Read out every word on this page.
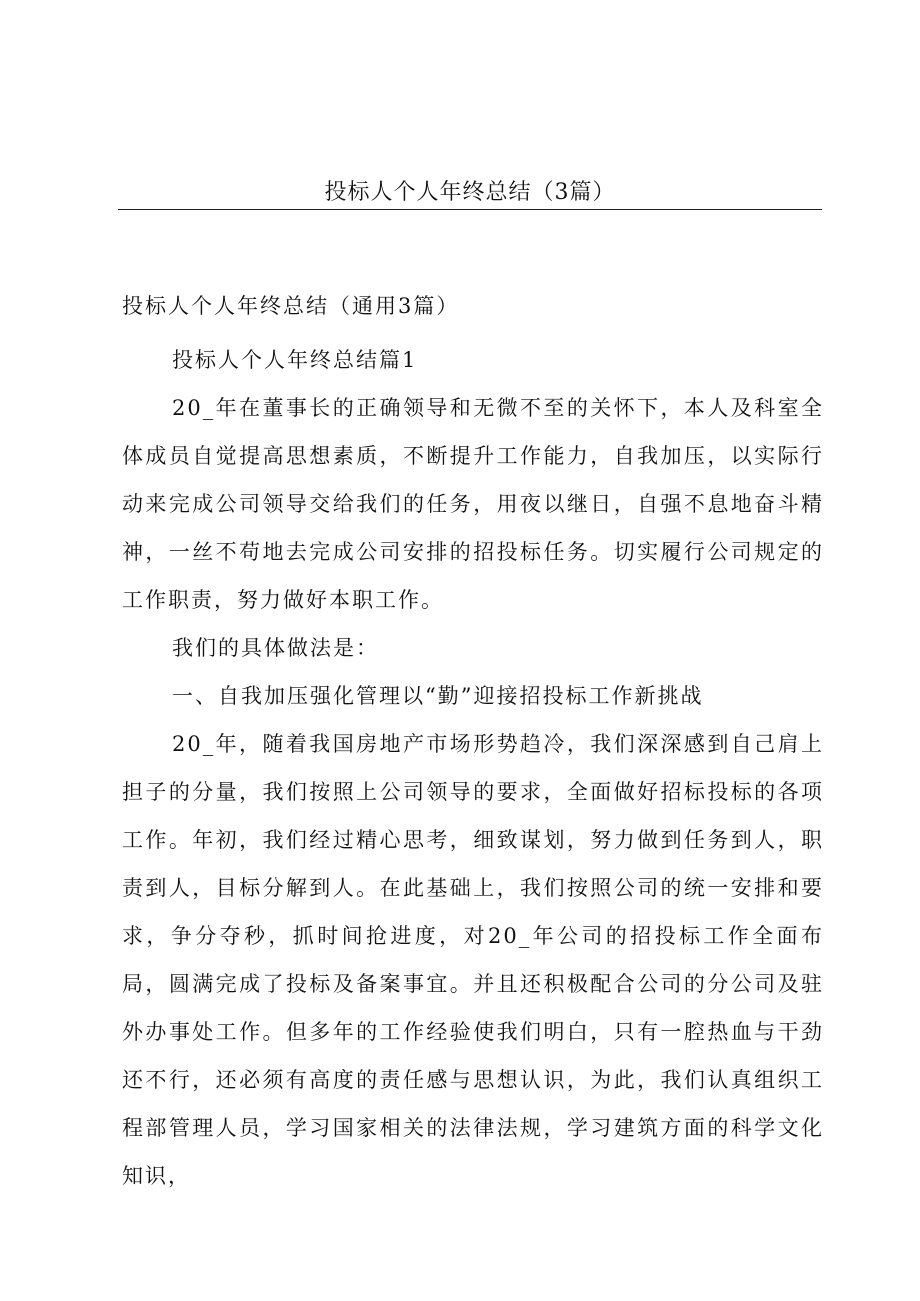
投标人个人年终总结（3篇）

投标人个人年终总结（通用3篇）

投标人个人年终总结篇1

20_年在董事长的正确领导和无微不至的关怀下，本人及科室全体成员自觉提高思想素质，不断提升工作能力，自我加压，以实际行动来完成公司领导交给我们的任务，用夜以继日，自强不息地奋斗精神，一丝不苟地去完成公司安排的招投标任务。切实履行公司规定的工作职责，努力做好本职工作。

我们的具体做法是：

一、自我加压强化管理以“勤”迎接招投标工作新挑战

20_年，随着我国房地产市场形势趋冷，我们深深感到自己肩上担子的分量，我们按照上公司领导的要求，全面做好招标投标的各项工作。年初，我们经过精心思考，细致谋划，努力做到任务到人，职责到人，目标分解到人。在此基础上，我们按照公司的统一安排和要求，争分夺秒，抓时间抢进度，对20_年公司的招投标工作全面布局，圆满完成了投标及备案事宜。并且还积极配合公司的分公司及驻外办事处工作。但多年的工作经验使我们明白，只有一腔热血与干劲还不行，还必须有高度的责任感与思想认识，为此，我们认真组织工程部管理人员，学习国家相关的法律法规，学习建筑方面的科学文化知识，
